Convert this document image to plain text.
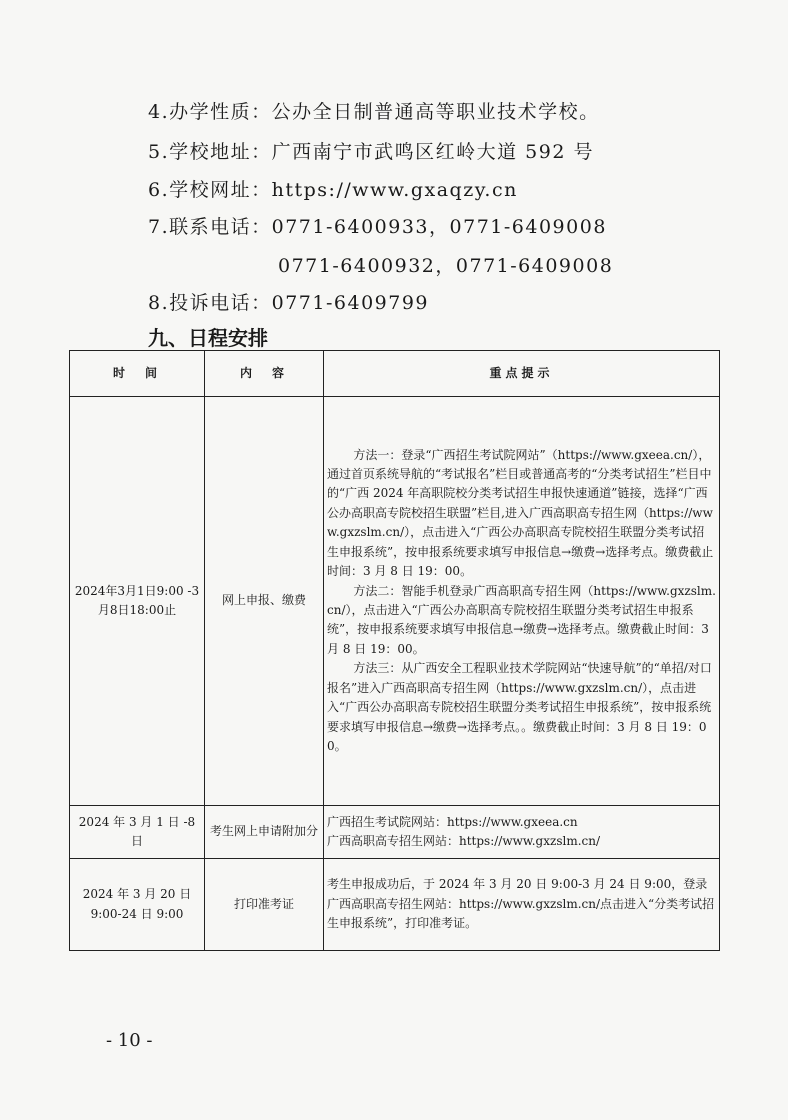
4.办学性质：公办全日制普通高等职业技术学校。
5.学校地址：广西南宁市武鸣区红岭大道 592 号
6.学校网址：https://www.gxaqzy.cn
7.联系电话：0771-6400933，0771-6409008
0771-6400932，0771-6409008
8.投诉电话：0771-6409799
九、日程安排
时　间	内　容	重点提示
2024年3月1日9:00 -3月8日18:00止	网上申报、缴费	方法一：登录“广西招生考试院网站”（https://www.gxeea.cn/），通过首页系统导航的“考试报名”栏目或普通高考的“分类考试招生”栏目中的“广西 2024 年高职院校分类考试招生申报快速通道”链接，选择“广西公办高职高专院校招生联盟”栏目,进入广西高职高专招生网（https://www.gxzslm.cn/），点击进入“广西公办高职高专院校招生联盟分类考试招生申报系统”，按申报系统要求填写申报信息→缴费→选择考点。缴费截止时间：3 月 8 日 19：00。
方法二：智能手机登录广西高职高专招生网（https://www.gxzslm.cn/），点击进入“广西公办高职高专院校招生联盟分类考试招生申报系统”，按申报系统要求填写申报信息→缴费→选择考点。缴费截止时间：3 月 8 日 19：00。
方法三：从广西安全工程职业技术学院网站“快速导航”的“单招/对口报名”进入广西高职高专招生网（https://www.gxzslm.cn/），点击进入“广西公办高职高专院校招生联盟分类考试招生申报系统”，按申报系统要求填写申报信息→缴费→选择考点。。缴费截止时间：3 月 8 日 19：00。

2024 年 3 月 1 日 -8 日	考生网上申请附加分	广西招生考试院网站：https://www.gxeea.cn
广西高职高专招生网站：https://www.gxzslm.cn/

2024 年 3 月 20 日 9:00-24 日 9:00	打印准考证	考生申报成功后，于 2024 年 3 月 20 日 9:00-3 月 24 日 9:00，登录广西高职高专招生网站：https://www.gxzslm.cn/点击进入“分类考试招生申报系统”，打印准考证。
- 10 -
